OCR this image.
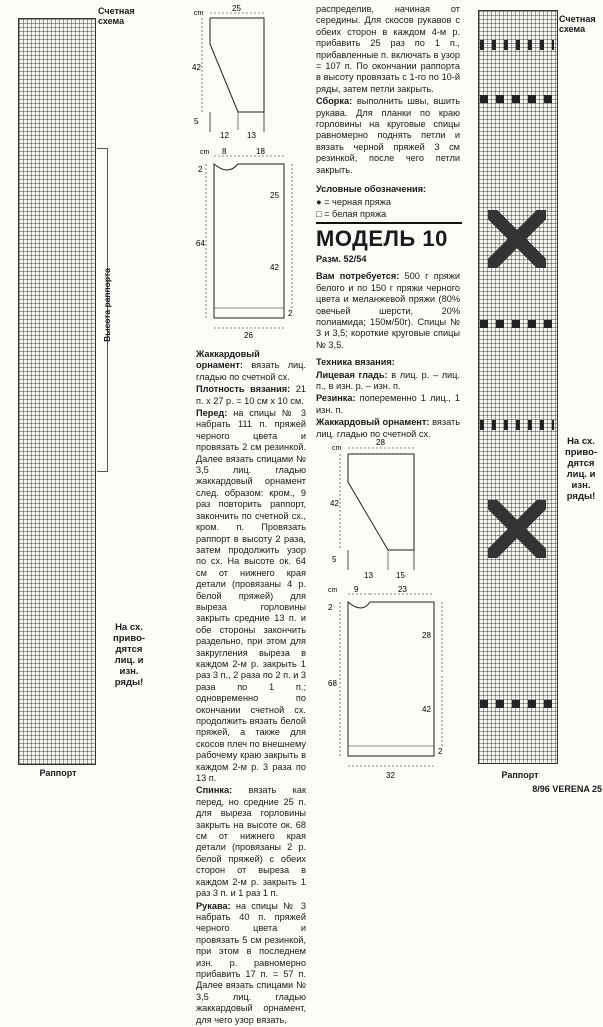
Счетная схема
Высота раппорта
На сх.
приво-
дятся
лиц. и
изн.
ряды!
Раппорт
Счетная схема
На сх.
приво-
дятся
лиц. и
изн.
ряды!
Раппорт
cm
25
42
5
12 13
cm
2
8	18
25
64
42
2
26

Жаккардовый орнамент: вязать лиц. гладью по счетной сх.

Плотность вязания: 21 п. х 27 р. = 10 см х 10 см.

Перед: на спицы № 3 набрать 111 п. пряжей черного цвета и провязать 2 см резинкой. Далее вязать спицами № 3,5 лиц. гладью жаккардовый орнамент след. образом: кром., 9 раз повторить раппорт, закончить по счетной сх., кром. п. Провязать раппорт в высоту 2 раза, затем продолжить узор по сх. На высоте ок. 64 см от нижнего края детали (провязаны 4 р. белой пряжей) для выреза горловины закрыть средние 13 п. и обе стороны закончить раздельно, при этом для закругления выреза в каждом 2-м р. закрыть 1 раз 3 п., 2 раза по 2 п. и 3 раза по 1 п.; одновременно по окончании счетной сх. продолжить вязать белой пряжей, а также для скосов плеч по внешнему рабочему краю закрыть в каждом 2-м р. 3 раза по 13 п.

Спинка: вязать как перед, но средние 25 п. для выреза горловины закрыть на высоте ок. 68 см от нижнего края детали (провязаны 2 р. белой пряжей) с обеих сторон от выреза в каждом 2-м р. закрыть 1 раз 3 п. и 1 раз 1 п.

Рукава: на спицы № 3 набрать 40 п. пряжей черного цвета и провязать 5 см резинкой, при этом в последнем изн. р. равномерно прибавить 17 п. = 57 п. Далее вязать спицами № 3,5 лиц. гладью жаккардовый орнамент, для чего узор вязать,

распределив, начиная от середины. Для скосов рукавов с обеих сторон в каждом 4-м р. прибавить 25 раз по 1 п., прибавленные п. включать в узор = 107 п. По окончании раппорта в высоту провязать с 1-го по 10-й ряды, затем петли закрыть.

Сборка: выполнить швы, вшить рукава. Для планки по краю горловины на круговые спицы равномерно поднять петли и вязать черной пряжей 3 см резинкой, после чего петли закрыть.

Условные обозначения:

● = черная пряжа

□ = белая пряжа

МОДЕЛЬ 10

Разм. 52/54

Вам потребуется: 500 г пряжи белого и по 150 г пряжи черного цвета и меланжевой пряжи (80% овечьей шерсти, 20% полиамида; 150м/50г). Спицы № 3 и 3,5; короткие круговые спицы № 3,5.

Техника вязания:

Лицевая гладь: в лиц. р. – лиц. п., в изн. р. – изн. п.

Резинка: попеременно 1 лиц., 1 изн. п.

Жаккардовый орнамент: вязать лиц. гладью по счетной сх.

cm
28
42
5
13	15
cm
2
9	23
28
68
42
2
32
8/96 VERENA 25
